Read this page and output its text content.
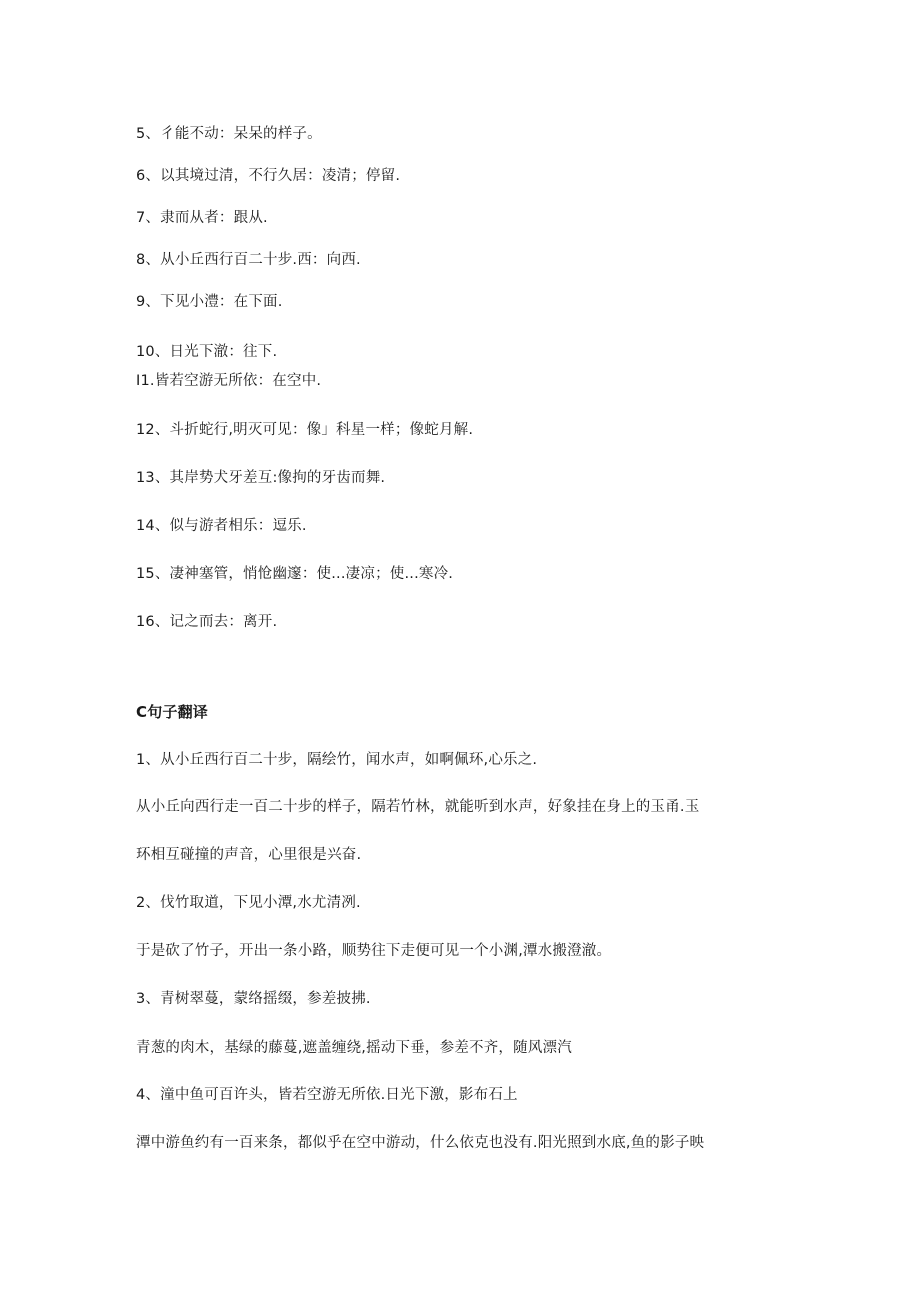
5、彳能不动：呆呆的样子。
6、以其境过清，不行久居：凌清；停留.
7、隶而从者：跟从.
8、从小丘西行百二十步.西：向西.
9、下见小澧：在下面.
10、日光下澈：往下.
I1.皆若空游无所依：在空中.
12、斗折蛇行,明灭可见：像」科星一样；像蛇月解.
13、其岸势犬牙差互:像拘的牙齿而舞.
14、似与游者相乐：逗乐.
15、凄神塞管，悄怆幽邃：使...凄凉；使...寒冷.
16、记之而去：离开.
C句子翻译
1、从小丘西行百二十步，隔绘竹，闻水声，如啊佩环,心乐之.
从小丘向西行走一百二十步的样子，隔若竹林，就能听到水声，好象挂在身上的玉甬.玉
环相互碰撞的声音，心里很是兴奋.
2、伐竹取道，下见小潭,水尤清冽.
于是砍了竹子，开出一条小路，顺势往下走便可见一个小渊,潭水搬澄澈。
3、青树翠蔓，蒙络摇缀，参差披拂.
青葱的肉木，基绿的藤蔓,遮盖缠绕,摇动下垂，参差不齐，随风漂汽
4、潼中鱼可百许头，皆若空游无所依.日光下激，影布石上
潭中游鱼约有一百来条，都似乎在空中游动，什么依克也没有.阳光照到水底,鱼的影子映
